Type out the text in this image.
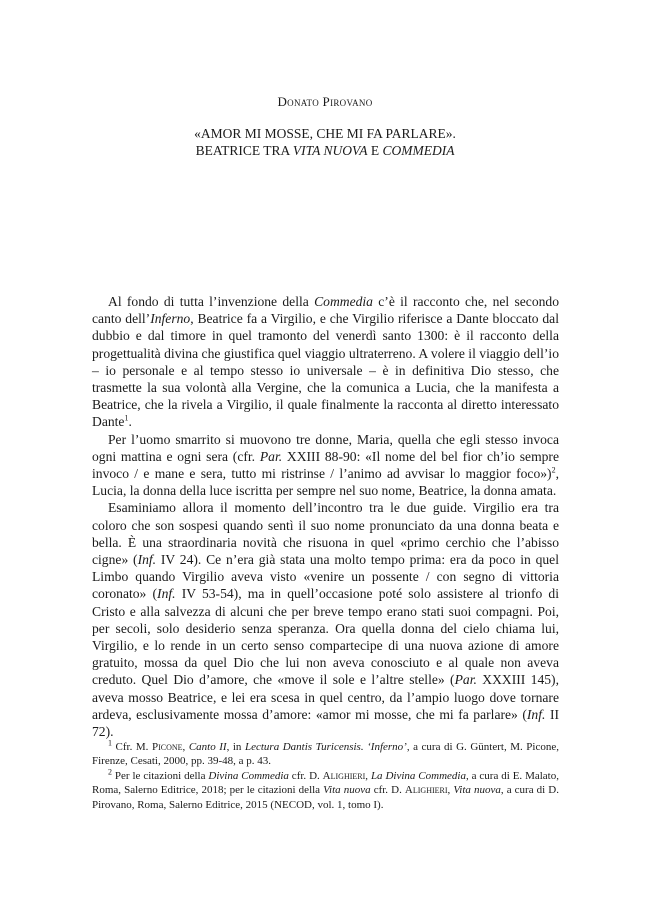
Donato Pirovano
«AMOR MI MOSSE, CHE MI FA PARLARE».
BEATRICE TRA VITA NUOVA E COMMEDIA

Al fondo di tutta l’invenzione della Commedia c’è il racconto che, nel secondo canto dell’Inferno, Beatrice fa a Virgilio, e che Virgilio riferisce a Dante bloccato dal dubbio e dal timore in quel tramonto del venerdì santo 1300: è il racconto della progettualità divina che giustifica quel viaggio ultraterreno. A volere il viaggio dell’io – io personale e al tempo stesso io universale – è in definitiva Dio stesso, che trasmette la sua volontà alla Vergine, che la comunica a Lucia, che la manifesta a Beatrice, che la rivela a Virgilio, il quale finalmente la racconta al diretto interessato Dante$^1$.

Per l’uomo smarrito si muovono tre donne, Maria, quella che egli stesso invoca ogni mattina e ogni sera (cfr. Par. XXIII 88-90: «Il nome del bel fior ch’io sempre invoco / e mane e sera, tutto mi ristrinse / l’animo ad avvisar lo maggior foco»)$^2$, Lucia, la donna della luce iscritta per sempre nel suo nome, Beatrice, la donna amata.

Esaminiamo allora il momento dell’incontro tra le due guide. Virgilio era tra coloro che son sospesi quando sentì il suo nome pronunciato da una donna beata e bella. È una straordinaria novità che risuona in quel «primo cerchio che l’abisso cigne» (Inf. IV 24). Ce n’era già stata una molto tempo prima: era da poco in quel Limbo quando Virgilio aveva visto «venire un possente / con segno di vittoria coronato» (Inf. IV 53-54), ma in quell’occasione poté solo assistere al trionfo di Cristo e alla salvezza di alcuni che per breve tempo erano stati suoi compagni. Poi, per secoli, solo desiderio senza speranza. Ora quella donna del cielo chiama lui, Virgilio, e lo rende in un certo senso compartecipe di una nuova azione di amore gratuito, mossa da quel Dio che lui non aveva conosciuto e al quale non aveva creduto. Quel Dio d’amore, che «move il sole e l’altre stelle» (Par. XXXIII 145), aveva mosso Beatrice, e lei era scesa in quel centro, da l’ampio luogo dove tornare ardeva, esclusivamente mossa d’amore: «amor mi mosse, che mi fa parlare» (Inf. II 72).

$^1$ Cfr. M. Picone, Canto II, in Lectura Dantis Turicensis. ‘Inferno’, a cura di G. Güntert, M. Picone, Firenze, Cesati, 2000, pp. 39-48, a p. 43.

$^2$ Per le citazioni della Divina Commedia cfr. D. Alighieri, La Divina Commedia, a cura di E. Malato, Roma, Salerno Editrice, 2018; per le citazioni della Vita nuova cfr. D. Alighieri, Vita nuova, a cura di D. Pirovano, Roma, Salerno Editrice, 2015 (NECOD, vol. 1, tomo I).
